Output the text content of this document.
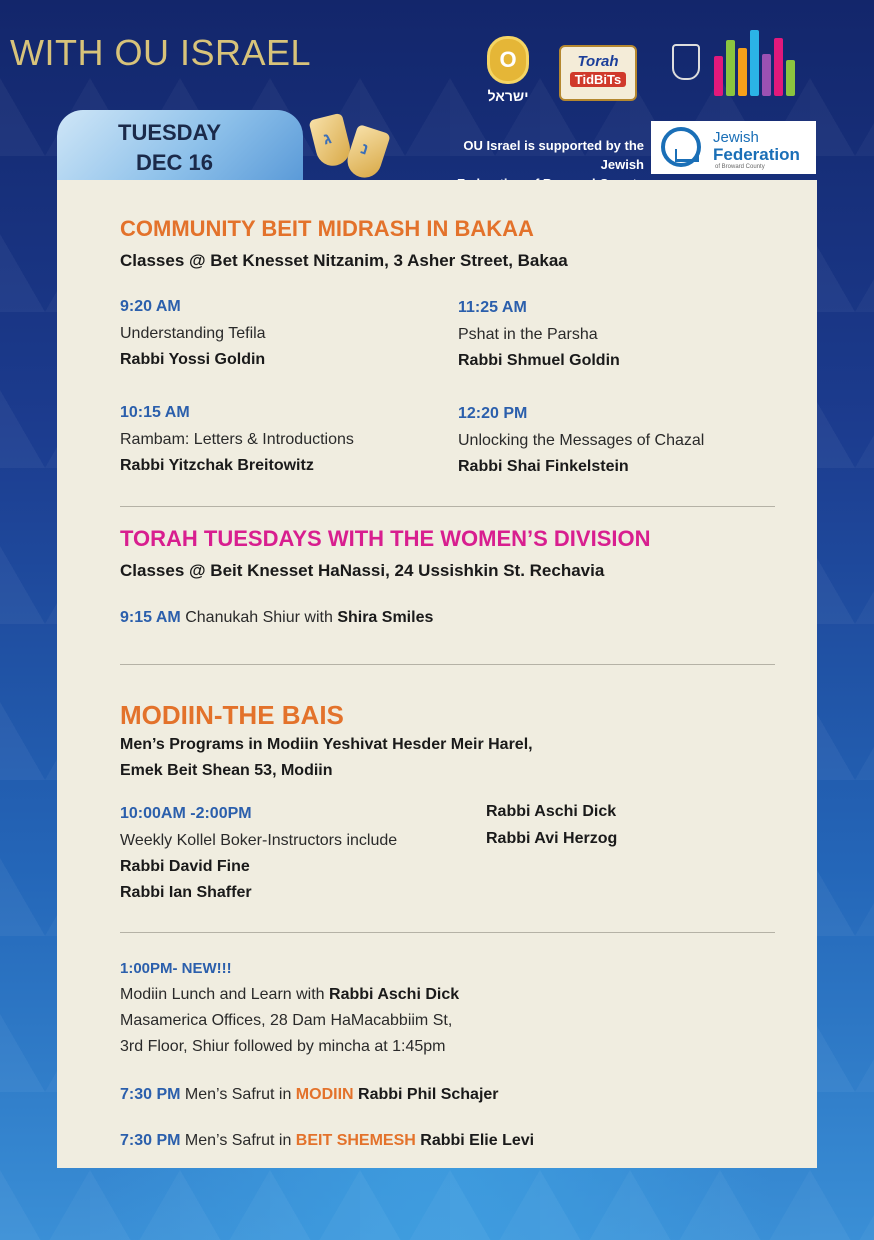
WITH OU ISRAEL	O
ישראל
Torah
TidBiTs
TUESDAY
DEC 16
ג
נ	OU Israel is supported by the Jewish
Jewish
Federation
of Broward County
COMMUNITY BEIT MIDRASH IN BAKAA
Classes @ Bet Knesset Nitzanim, 3 Asher Street, Bakaa
9:20 AM
Understanding Tefila
Rabbi Yossi Goldin
10:15 AM
Rambam: Letters & Introductions
Rabbi Yitzchak Breitowitz
11:25 AM
Pshat in the Parsha
Rabbi Shmuel Goldin
12:20 PM
Unlocking the Messages of Chazal
Rabbi Shai Finkelstein
TORAH TUESDAYS WITH THE WOMEN’S DIVISION
Classes @ Beit Knesset HaNassi, 24 Ussishkin St. Rechavia
9:15 AM Chanukah Shiur with Shira Smiles
MODIIN-THE BAIS
Men’s Programs in Modiin Yeshivat Hesder Meir Harel,
Emek Beit Shean 53, Modiin
10:00AM -2:00PM
Weekly Kollel Boker-Instructors include
Rabbi David Fine
Rabbi Ian Shaffer
Rabbi Aschi Dick
Rabbi Avi Herzog
1:00PM- NEW!!!
Modiin Lunch and Learn with Rabbi Aschi Dick
Masamerica Offices, 28 Dam HaMacabbiim St,
3rd Floor, Shiur followed by mincha at 1:45pm
7:30 PM Men’s Safrut in MODIIN Rabbi Phil Schajer
7:30 PM Men’s Safrut in BEIT SHEMESH Rabbi Elie Levi
